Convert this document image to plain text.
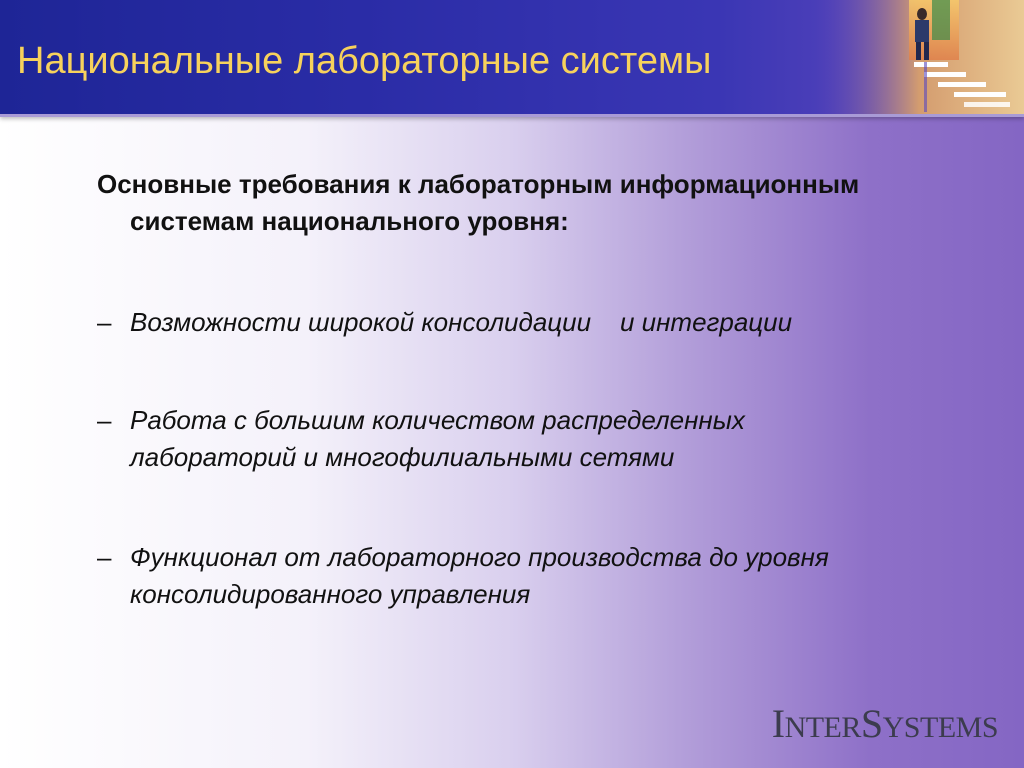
Национальные лабораторные системы
Основные требования к лабораторным информационным
системам национального уровня:
– Возможности широкой консолидации    и интеграции
– Работа с большим количеством распределенных
лабораторий и многофилиальными сетями
– Функционал от лабораторного производства до уровня
консолидированного управления
INTERSYSTEMS
